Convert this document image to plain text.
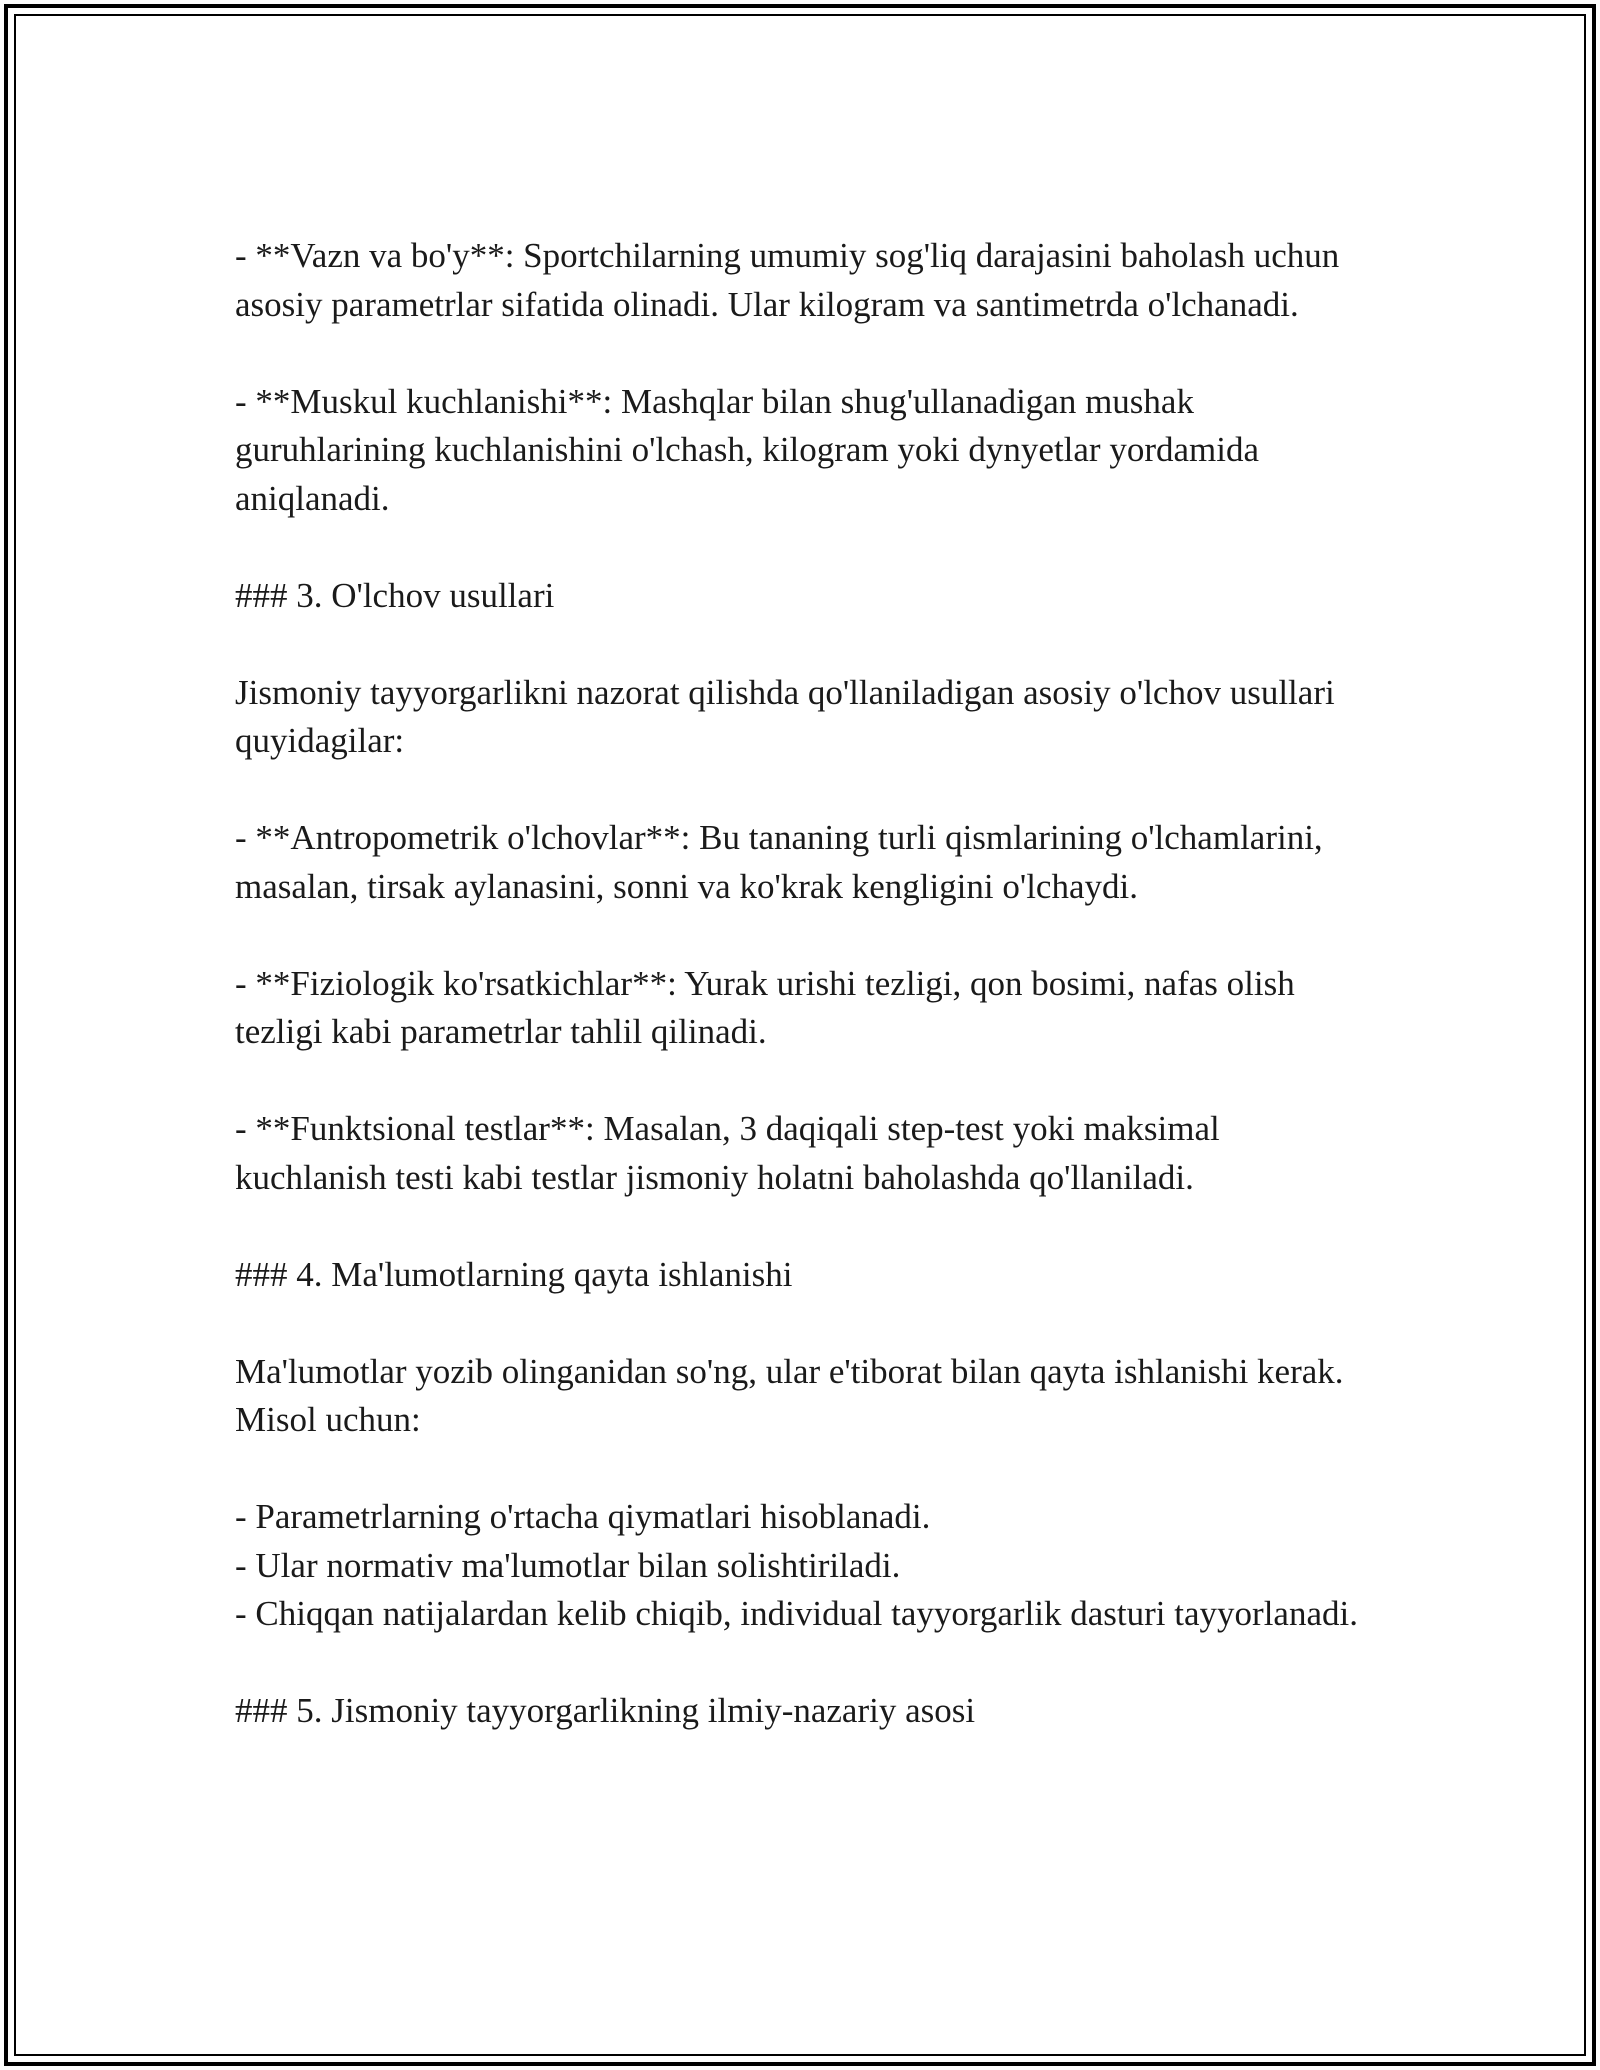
- **Vazn va bo'y**: Sportchilarning umumiy sog'liq darajasini baholash uchun asosiy parametrlar sifatida olinadi. Ular kilogram va santimetrda o'lchanadi.

- **Muskul kuchlanishi**: Mashqlar bilan shug'ullanadigan mushak guruhlarining kuchlanishini o'lchash, kilogram yoki dynyetlar yordamida aniqlanadi.

### 3. O'lchov usullari

Jismoniy tayyorgarlikni nazorat qilishda qo'llaniladigan asosiy o'lchov usullari quyidagilar:

- **Antropometrik o'lchovlar**: Bu tananing turli qismlarining o'lchamlarini, masalan, tirsak aylanasini, sonni va ko'krak kengligini o'lchaydi.

- **Fiziologik ko'rsatkichlar**: Yurak urishi tezligi, qon bosimi, nafas olish tezligi kabi parametrlar tahlil qilinadi.

- **Funktsional testlar**: Masalan, 3 daqiqali step-test yoki maksimal kuchlanish testi kabi testlar jismoniy holatni baholashda qo'llaniladi.

### 4. Ma'lumotlarning qayta ishlanishi

Ma'lumotlar yozib olinganidan so'ng, ular e'tiborat bilan qayta ishlanishi kerak. Misol uchun:

- Parametrlarning o'rtacha qiymatlari hisoblanadi.
- Ular normativ ma'lumotlar bilan solishtiriladi.
- Chiqqan natijalardan kelib chiqib, individual tayyorgarlik dasturi tayyorlanadi.

### 5. Jismoniy tayyorgarlikning ilmiy-nazariy asosi
